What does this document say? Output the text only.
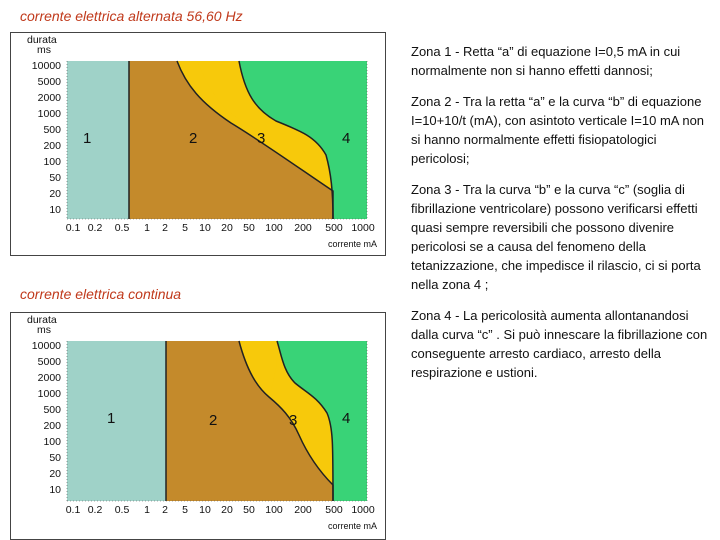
corrente elettrica alternata 56,60 Hz
corrente elettrica continua
durata
ms
10000
5000
2000
1000
500
200
100
50
20
10
0.1 0.2 0.5 1 2 5 10 20 50 100 200 500 1000
corrente mA
1	2	3	4
durata
ms
10000
5000
2000
1000
500
200
100
50
20
10
0.1 0.2 0.5 1 2 5 10 20 50 100 200 500 1000
corrente mA
1	2	3	4
Zona 1 - Retta “a” di equazione I=0,5 mA in cui normalmente non si hanno effetti dannosi;
Zona 2 - Tra la retta “a” e la curva “b” di equazione I=10+10/t (mA), con asintoto verticale I=10 mA non si hanno normalmente effetti fisiopatologici pericolosi;
Zona 3 - Tra la curva “b” e la curva “c” (soglia di fibrillazione ventricolare) possono verificarsi effetti quasi sempre reversibili che possono divenire pericolosi se a causa del fenomeno della tetanizzazione, che impedisce il rilascio, ci si porta nella zona 4 ;
Zona 4 - La pericolosità aumenta allontanandosi dalla curva “c” . Si può innescare la fibrillazione con conseguente arresto cardiaco, arresto della respirazione e ustioni.
